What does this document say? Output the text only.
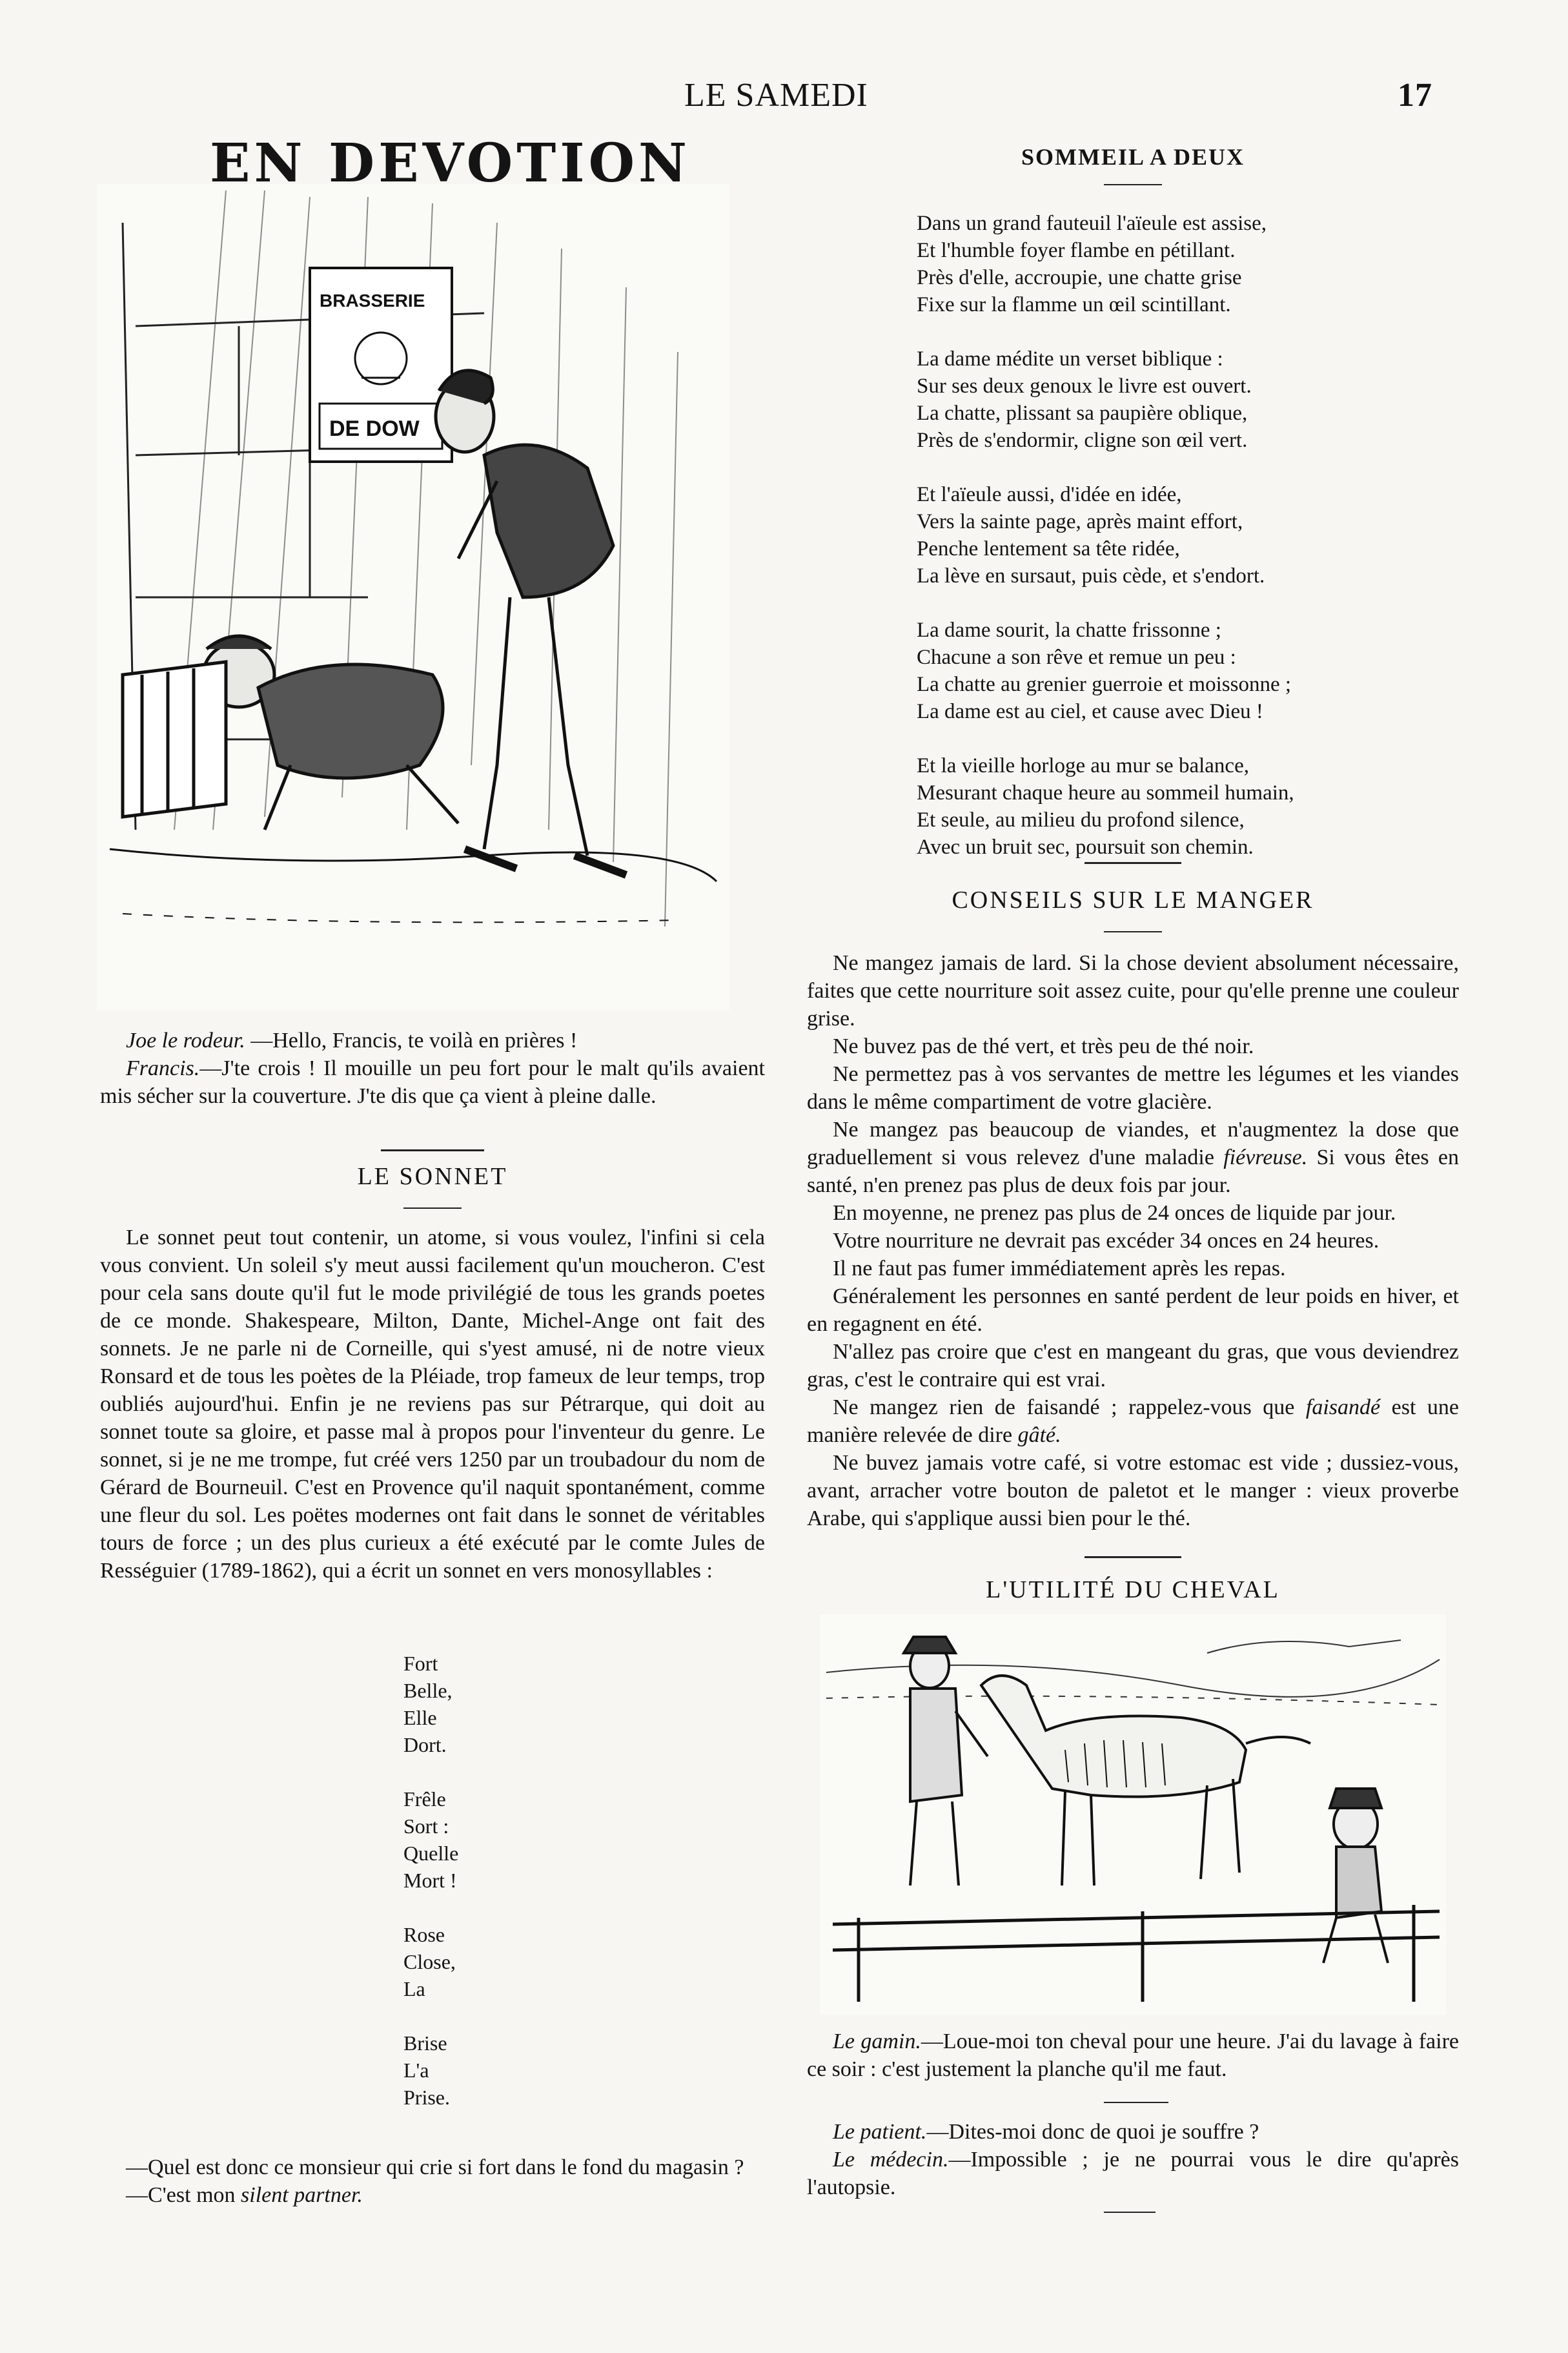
LE SAMEDI	17
EN DEVOTION
BRASSERIE
DE DOW

Joe le rodeur. —Hello, Francis, te voilà en prières !

Francis.—J'te crois ! Il mouille un peu fort pour le malt qu'ils avaient mis sécher sur la couverture. J'te dis que ça vient à pleine dalle.

LE SONNET

Le sonnet peut tout contenir, un atome, si vous voulez, l'infini si cela vous convient. Un soleil s'y meut aussi facilement qu'un moucheron. C'est pour cela sans doute qu'il fut le mode privilégié de tous les grands poetes de ce monde. Shakespeare, Milton, Dante, Michel-Ange ont fait des sonnets. Je ne parle ni de Corneille, qui s'yest amusé, ni de notre vieux Ronsard et de tous les poètes de la Pléiade, trop fameux de leur temps, trop oubliés aujourd'hui. Enfin je ne reviens pas sur Pétrarque, qui doit au sonnet toute sa gloire, et passe mal à propos pour l'inventeur du genre. Le sonnet, si je ne me trompe, fut créé vers 1250 par un troubadour du nom de Gérard de Bourneuil. C'est en Provence qu'il naquit spontanément, comme une fleur du sol. Les poëtes modernes ont fait dans le sonnet de véritables tours de force ; un des plus curieux a été exécuté par le comte Jules de Rességuier (1789-1862), qui a écrit un sonnet en vers monosyllables :

Fort
Belle,
Elle
Dort.
Frêle
Sort :
Quelle
Mort !
Rose
Close,
La
Brise
L'a
Prise.

—Quel est donc ce monsieur qui crie si fort dans le fond du magasin ?

—C'est mon silent partner.

SOMMEIL A DEUX
Dans un grand fauteuil l'aïeule est assise,
Et l'humble foyer flambe en pétillant.
Près d'elle, accroupie, une chatte grise
Fixe sur la flamme un œil scintillant.
La dame médite un verset biblique :
Sur ses deux genoux le livre est ouvert.
La chatte, plissant sa paupière oblique,
Près de s'endormir, cligne son œil vert.
Et l'aïeule aussi, d'idée en idée,
Vers la sainte page, après maint effort,
Penche lentement sa tête ridée,
La lève en sursaut, puis cède, et s'endort.
La dame sourit, la chatte frissonne ;
Chacune a son rêve et remue un peu :
La chatte au grenier guerroie et moissonne ;
La dame est au ciel, et cause avec Dieu !
Et la vieille horloge au mur se balance,
Mesurant chaque heure au sommeil humain,
Et seule, au milieu du profond silence,
Avec un bruit sec, poursuit son chemin.
CONSEILS SUR LE MANGER

Ne mangez jamais de lard. Si la chose devient absolument nécessaire, faites que cette nourriture soit assez cuite, pour qu'elle prenne une couleur grise.

Ne buvez pas de thé vert, et très peu de thé noir.

Ne permettez pas à vos servantes de mettre les légumes et les viandes dans le même compartiment de votre glacière.

Ne mangez pas beaucoup de viandes, et n'augmentez la dose que graduellement si vous relevez d'une maladie fiévreuse. Si vous êtes en santé, n'en prenez pas plus de deux fois par jour.

En moyenne, ne prenez pas plus de 24 onces de liquide par jour.

Votre nourriture ne devrait pas excéder 34 onces en 24 heures.

Il ne faut pas fumer immédiatement après les repas.

Généralement les personnes en santé perdent de leur poids en hiver, et en regagnent en été.

N'allez pas croire que c'est en mangeant du gras, que vous deviendrez gras, c'est le contraire qui est vrai.

Ne mangez rien de faisandé ; rappelez-vous que faisandé est une manière relevée de dire gâté.

Ne buvez jamais votre café, si votre estomac est vide ; dussiez-vous, avant, arracher votre bouton de paletot et le manger : vieux proverbe Arabe, qui s'applique aussi bien pour le thé.

L'UTILITÉ DU CHEVAL

Le gamin.—Loue-moi ton cheval pour une heure. J'ai du lavage à faire ce soir : c'est justement la planche qu'il me faut.

Le patient.—Dites-moi donc de quoi je souffre ?

Le médecin.—Impossible ; je ne pourrai vous le dire qu'après l'autopsie.
